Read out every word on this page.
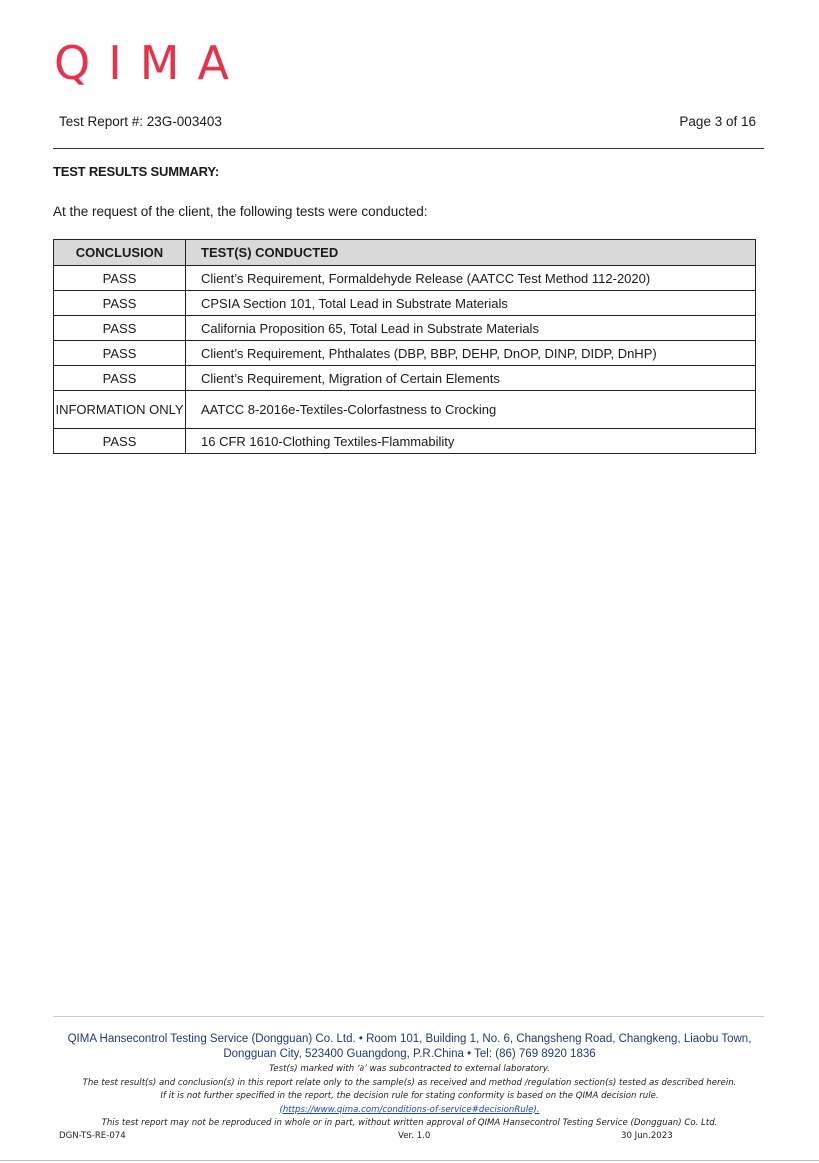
QIMA
Test Report #: 23G-003403	Page 3 of 16
TEST RESULTS SUMMARY:
At the request of the client, the following tests were conducted:
CONCLUSION	TEST(S) CONDUCTED
PASS	Client’s Requirement, Formaldehyde Release (AATCC Test Method 112-2020)
PASS	CPSIA Section 101, Total Lead in Substrate Materials
PASS	California Proposition 65, Total Lead in Substrate Materials
PASS	Client’s Requirement, Phthalates (DBP, BBP, DEHP, DnOP, DINP, DIDP, DnHP)
PASS	Client’s Requirement, Migration of Certain Elements
INFORMATION ONLY	AATCC 8-2016e-Textiles-Colorfastness to Crocking
PASS	16 CFR 1610-Clothing Textiles-Flammability
QIMA Hansecontrol Testing Service (Dongguan) Co. Ltd. • Room 101, Building 1, No. 6, Changsheng Road, Changkeng, Liaobu Town,
Dongguan City, 523400 Guangdong, P.R.China • Tel: (86) 769 8920 1836
Test(s) marked with ‘∂’ was subcontracted to external laboratory.
The test result(s) and conclusion(s) in this report relate only to the sample(s) as received and method /regulation section(s) tested as described herein.
If it is not further specified in the report, the decision rule for stating conformity is based on the QIMA decision rule.
(https://www.qima.com/conditions-of-service#decisionRule).
This test report may not be reproduced in whole or in part, without written approval of QIMA Hansecontrol Testing Service (Dongguan) Co. Ltd.
DGN-TS-RE-074	Ver. 1.0	30 Jun.2023
